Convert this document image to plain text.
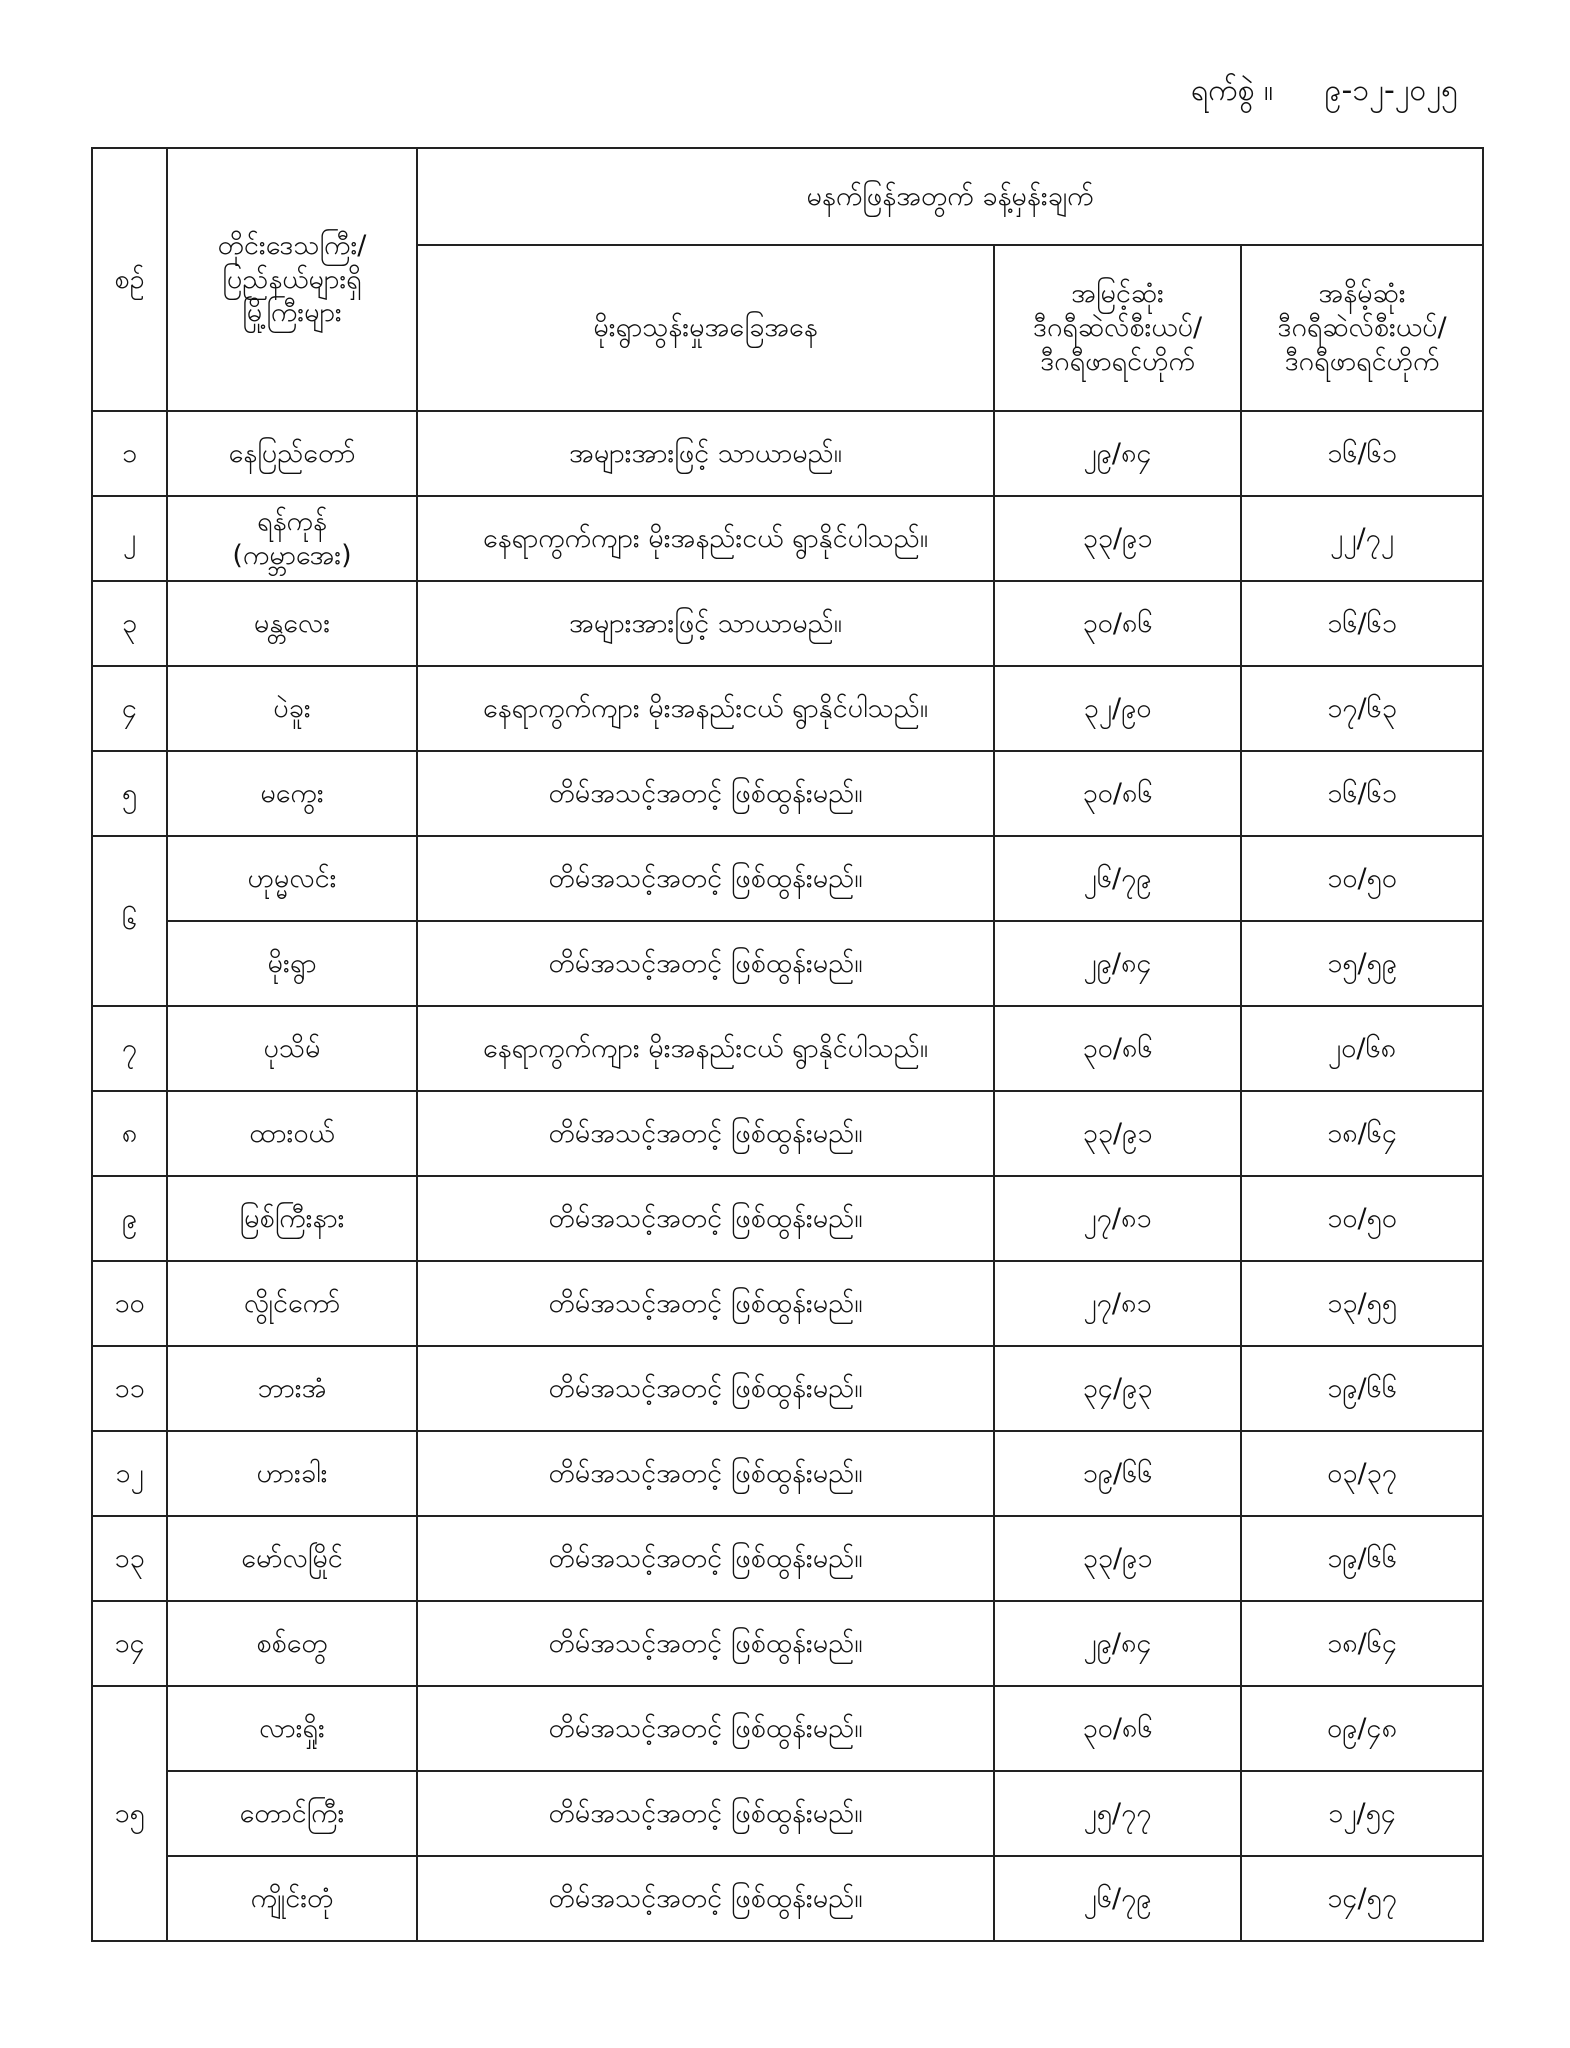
ရက်စွဲ ။ ၉-၁၂-၂၀၂၅
စဉ်	တိုင်းဒေသကြီး/
ပြည်နယ်များရှိ
မြို့ကြီးများ	မနက်ဖြန်အတွက် ခန့်မှန်းချက်		
		မိုးရွာသွန်းမှုအခြေအနေ	အမြင့်ဆုံး
ဒီဂရီဆဲလ်စီးယပ်/
ဒီဂရီဖာရင်ဟိုက်	အနိမ့်ဆုံး
ဒီဂရီဆဲလ်စီးယပ်/
ဒီဂရီဖာရင်ဟိုက်
၁	နေပြည်တော်	အများအားဖြင့် သာယာမည်။	၂၉/၈၄	၁၆/၆၁
၂	ရန်ကုန်
(ကမ္ဘာအေး)	နေရာကွက်ကျား မိုးအနည်းငယ် ရွာနိုင်ပါသည်။	၃၃/၉၁	၂၂/၇၂
၃	မန္တလေး	အများအားဖြင့် သာယာမည်။	၃၀/၈၆	၁၆/၆၁
၄	ပဲခူး	နေရာကွက်ကျား မိုးအနည်းငယ် ရွာနိုင်ပါသည်။	၃၂/၉၀	၁၇/၆၃
၅	မကွေး	တိမ်အသင့်အတင့် ဖြစ်ထွန်းမည်။	၃၀/၈၆	၁၆/၆၁
၆	ဟုမ္မလင်း	တိမ်အသင့်အတင့် ဖြစ်ထွန်းမည်။	၂၆/၇၉	၁၀/၅၀
	မိုးရွာ	တိမ်အသင့်အတင့် ဖြစ်ထွန်းမည်။	၂၉/၈၄	၁၅/၅၉
၇	ပုသိမ်	နေရာကွက်ကျား မိုးအနည်းငယ် ရွာနိုင်ပါသည်။	၃၀/၈၆	၂၀/၆၈
၈	ထားဝယ်	တိမ်အသင့်အတင့် ဖြစ်ထွန်းမည်။	၃၃/၉၁	၁၈/၆၄
၉	မြစ်ကြီးနား	တိမ်အသင့်အတင့် ဖြစ်ထွန်းမည်။	၂၇/၈၁	၁၀/၅၀
၁၀	လွိုင်ကော်	တိမ်အသင့်အတင့် ဖြစ်ထွန်းမည်။	၂၇/၈၁	၁၃/၅၅
၁၁	ဘားအံ	တိမ်အသင့်အတင့် ဖြစ်ထွန်းမည်။	၃၄/၉၃	၁၉/၆၆
၁၂	ဟားခါး	တိမ်အသင့်အတင့် ဖြစ်ထွန်းမည်။	၁၉/၆၆	၀၃/၃၇
၁၃	မော်လမြိုင်	တိမ်အသင့်အတင့် ဖြစ်ထွန်းမည်။	၃၃/၉၁	၁၉/၆၆
၁၄	စစ်တွေ	တိမ်အသင့်အတင့် ဖြစ်ထွန်းမည်။	၂၉/၈၄	၁၈/၆၄
၁၅	လားရှိုး	တိမ်အသင့်အတင့် ဖြစ်ထွန်းမည်။	၃၀/၈၆	၀၉/၄၈
	တောင်ကြီး	တိမ်အသင့်အတင့် ဖြစ်ထွန်းမည်။	၂၅/၇၇	၁၂/၅၄
	ကျိုင်းတုံ	တိမ်အသင့်အတင့် ဖြစ်ထွန်းမည်။	၂၆/၇၉	၁၄/၅၇
